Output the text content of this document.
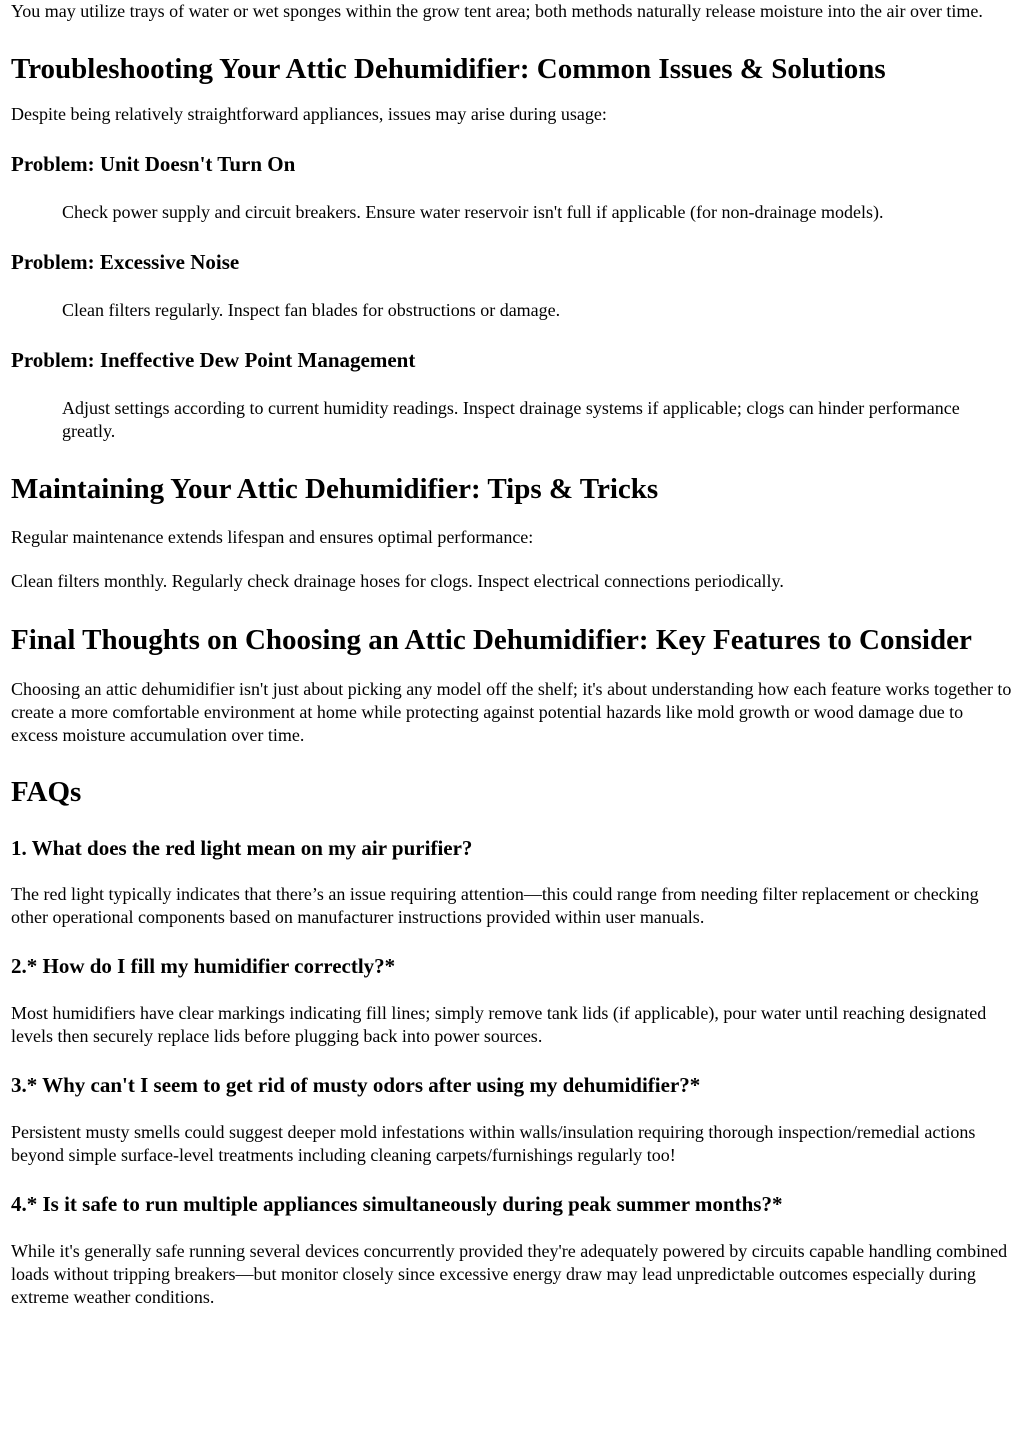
You may utilize trays of water or wet sponges within the grow tent area; both methods naturally release moisture into the air over time.

Troubleshooting Your Attic Dehumidifier: Common Issues & Solutions

Despite being relatively straightforward appliances, issues may arise during usage:

Problem: Unit Doesn't Turn On

Check power supply and circuit breakers. Ensure water reservoir isn't full if applicable (for non-drainage models).

Problem: Excessive Noise

Clean filters regularly. Inspect fan blades for obstructions or damage.

Problem: Ineffective Dew Point Management

Adjust settings according to current humidity readings. Inspect drainage systems if applicable; clogs can hinder performance greatly.

Maintaining Your Attic Dehumidifier: Tips & Tricks

Regular maintenance extends lifespan and ensures optimal performance:

Clean filters monthly. Regularly check drainage hoses for clogs. Inspect electrical connections periodically.

Final Thoughts on Choosing an Attic Dehumidifier: Key Features to Consider

Choosing an attic dehumidifier isn't just about picking any model off the shelf; it's about understanding how each feature works together to create a more comfortable environment at home while protecting against potential hazards like mold growth or wood damage due to excess moisture accumulation over time.

FAQs
1. What does the red light mean on my air purifier?

The red light typically indicates that there’s an issue requiring attention—this could range from needing filter replacement or checking other operational components based on manufacturer instructions provided within user manuals.

2.* How do I fill my humidifier correctly?*

Most humidifiers have clear markings indicating fill lines; simply remove tank lids (if applicable), pour water until reaching designated levels then securely replace lids before plugging back into power sources.

3.* Why can't I seem to get rid of musty odors after using my dehumidifier?*

Persistent musty smells could suggest deeper mold infestations within walls/insulation requiring thorough inspection/remedial actions beyond simple surface-level treatments including cleaning carpets/furnishings regularly too!

4.* Is it safe to run multiple appliances simultaneously during peak summer months?*

While it's generally safe running several devices concurrently provided they're adequately powered by circuits capable handling combined loads without tripping breakers—but monitor closely since excessive energy draw may lead unpredictable outcomes especially during extreme weather conditions.
